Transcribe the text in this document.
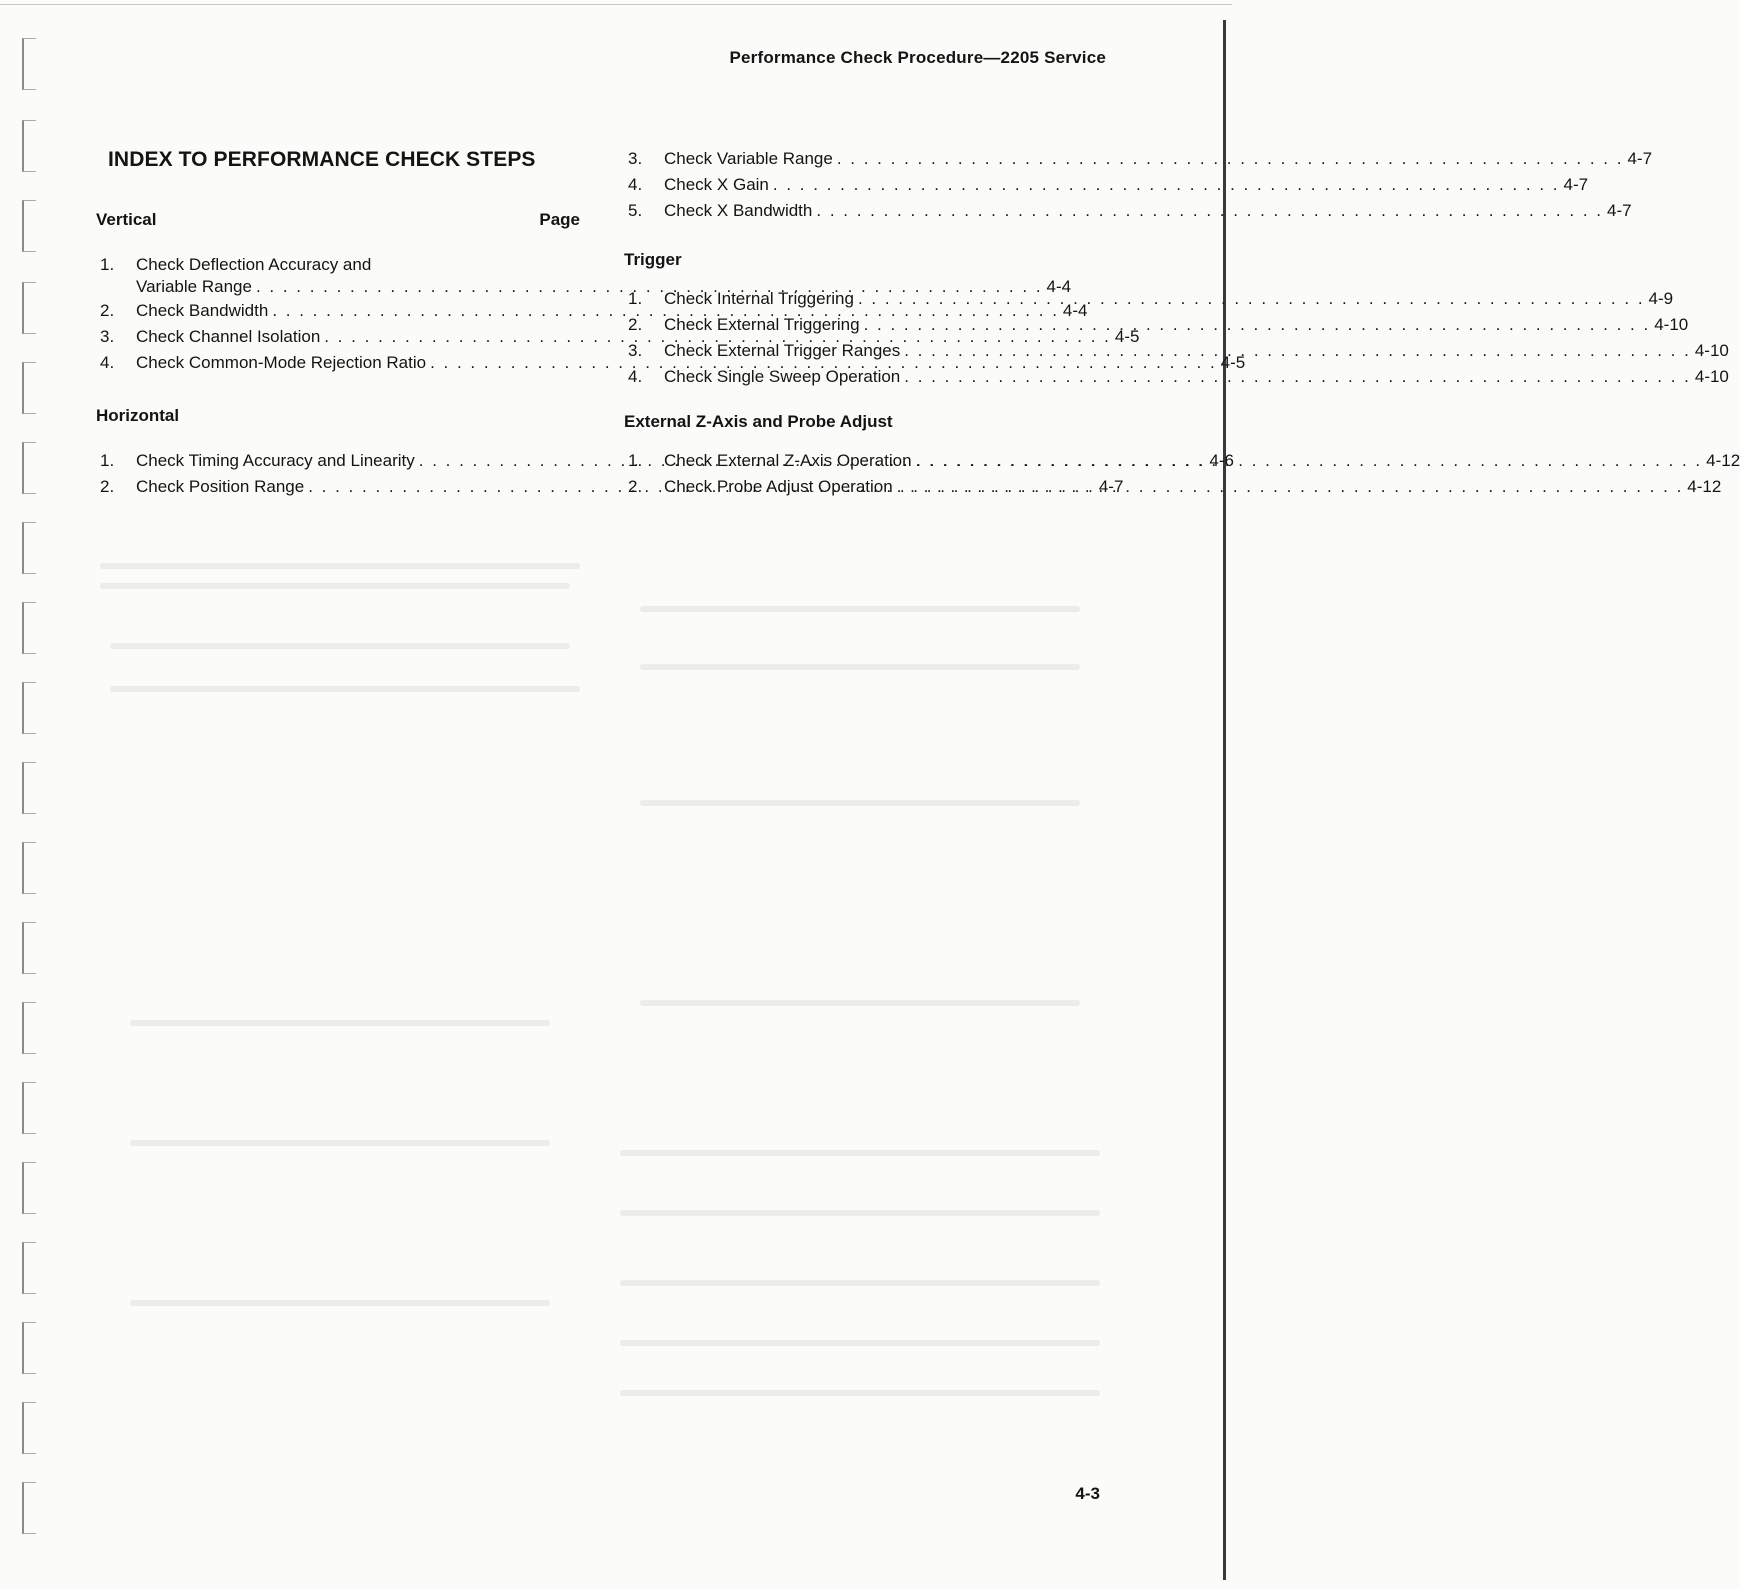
Performance Check Procedure—2205 Service
INDEX TO PERFORMANCE CHECK STEPS
Vertical	Page
1.	Check Deflection Accuracy and
Variable Range . . .	4-4
2.	Check Bandwidth . . .	4-4
3.	Check Channel Isolation . . .	4-5
4.	Check Common-Mode Rejection Ratio . . .	4-5
Horizontal
1.	Check Timing Accuracy and Linearity . . .	4-6
2.	Check Position Range . . .	4-7
3.	Check Variable Range . . .	4-7
4.	Check X Gain . . .	4-7
5.	Check X Bandwidth . . .	4-7
Trigger
1.	Check Internal Triggering . . .	4-9
2.	Check External Triggering . . .	4-10
3.	Check External Trigger Ranges . . .	4-10
4.	Check Single Sweep Operation . . .	4-10
External Z-Axis and Probe Adjust
1.	Check External Z-Axis Operation . . .	4-12
2.	Check Probe Adjust Operation . . .	4-12
4-3
